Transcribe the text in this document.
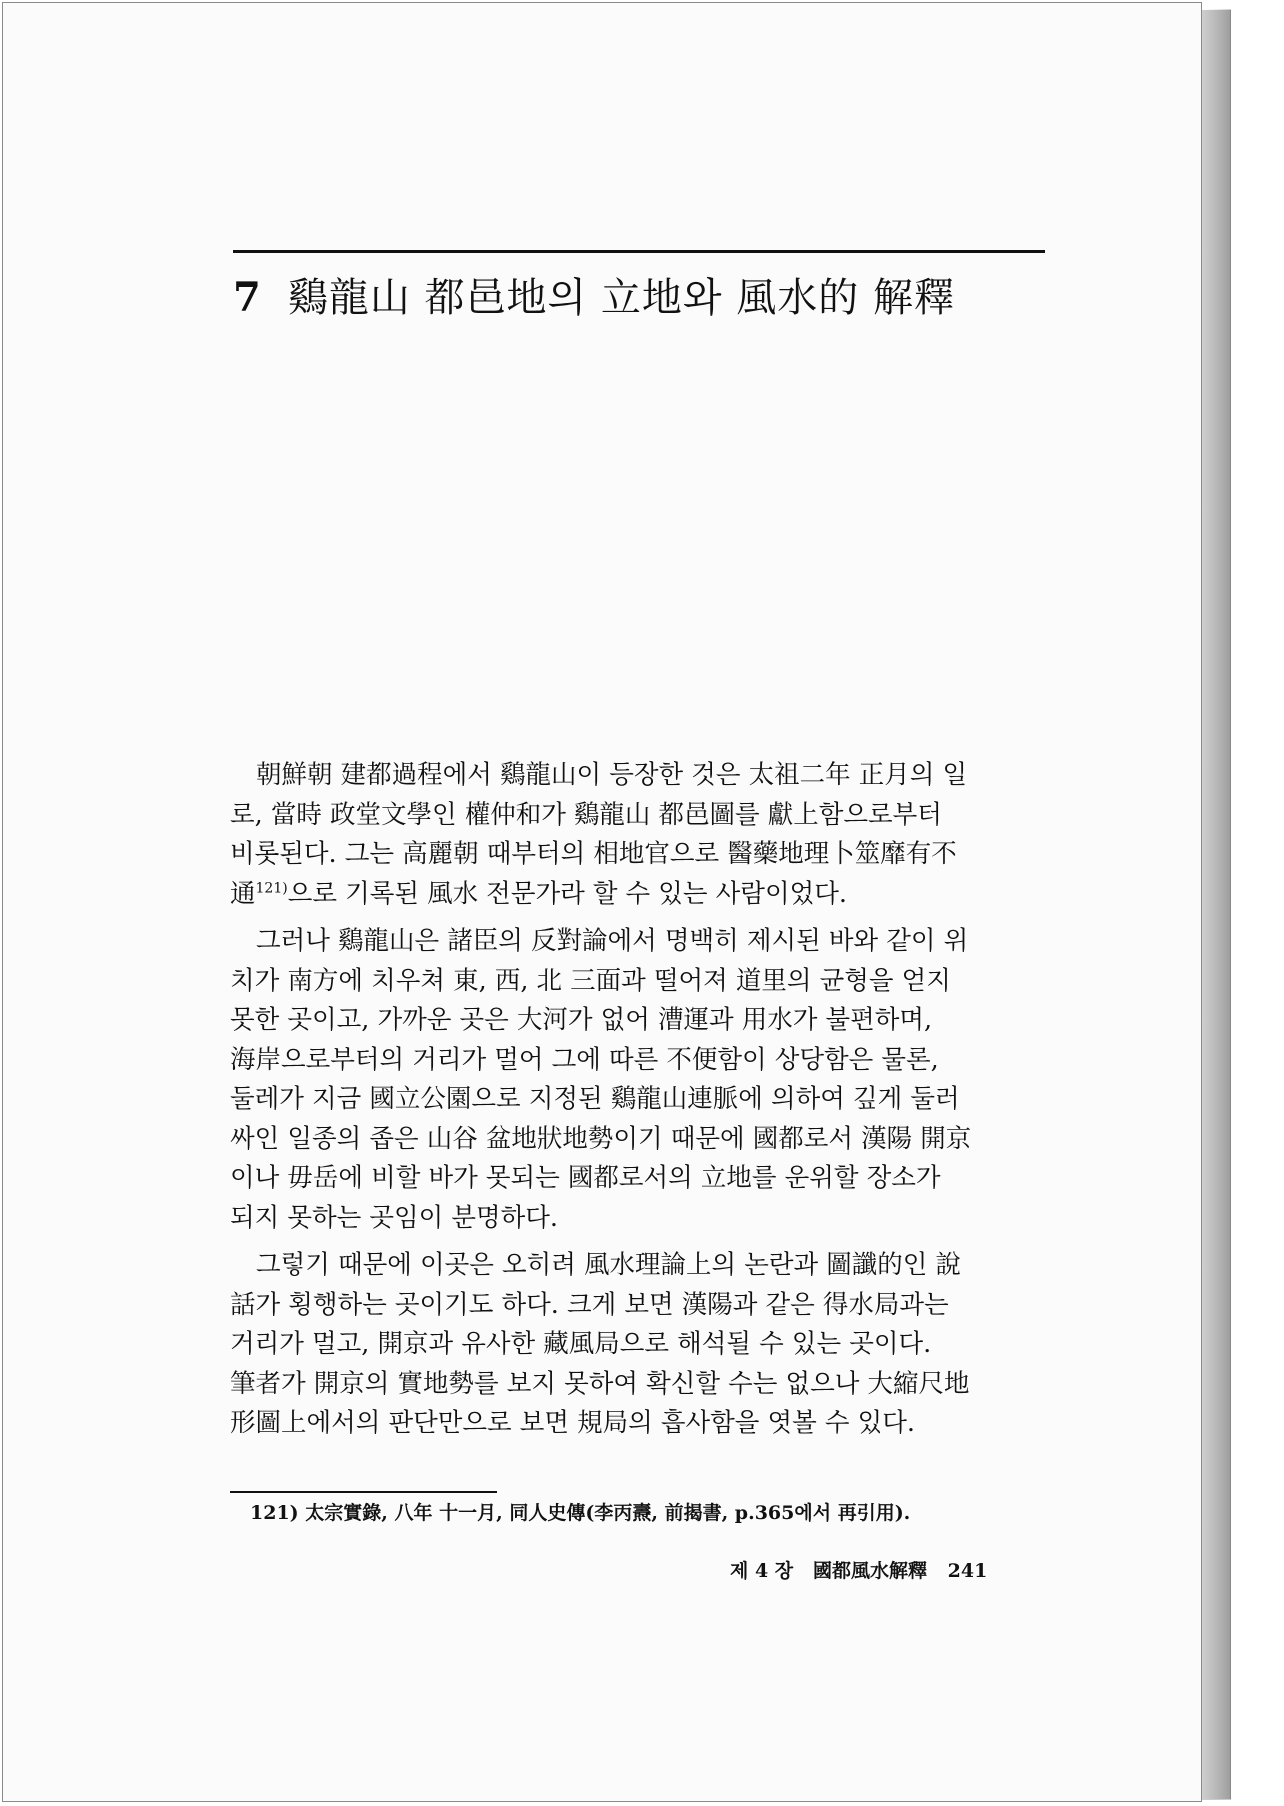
7 鷄龍山 都邑地의 立地와 風水的 解釋
朝鮮朝 建都過程에서 鷄龍山이 등장한 것은 太祖二年 正月의 일
로, 當時 政堂文學인 權仲和가 鷄龍山 都邑圖를 獻上함으로부터
비롯된다. 그는 高麗朝 때부터의 相地官으로 醫藥地理卜筮靡有不
通$^{121)}$으로 기록된 風水 전문가라 할 수 있는 사람이었다.
그러나 鷄龍山은 諸臣의 反對論에서 명백히 제시된 바와 같이 위
치가 南方에 치우쳐 東, 西, 北 三面과 떨어져 道里의 균형을 얻지
못한 곳이고, 가까운 곳은 大河가 없어 漕運과 用水가 불편하며,
海岸으로부터의 거리가 멀어 그에 따른 不便함이 상당함은 물론,
둘레가 지금 國立公園으로 지정된 鷄龍山連脈에 의하여 깊게 둘러
싸인 일종의 좁은 山谷 盆地狀地勢이기 때문에 國都로서 漢陽 開京
이나 毋岳에 비할 바가 못되는 國都로서의 立地를 운위할 장소가
되지 못하는 곳임이 분명하다.
그렇기 때문에 이곳은 오히려 風水理論上의 논란과 圖讖的인 說
話가 횡행하는 곳이기도 하다. 크게 보면 漢陽과 같은 得水局과는
거리가 멀고, 開京과 유사한 藏風局으로 해석될 수 있는 곳이다.
筆者가 開京의 實地勢를 보지 못하여 확신할 수는 없으나 大縮尺地
形圖上에서의 판단만으로 보면 規局의 흡사함을 엿볼 수 있다.
121) 太宗實錄, 八年 十一月, 同人史傳(李丙燾, 前揭書, p.365에서 再引用).
제 4 장 國都風水解釋 241
